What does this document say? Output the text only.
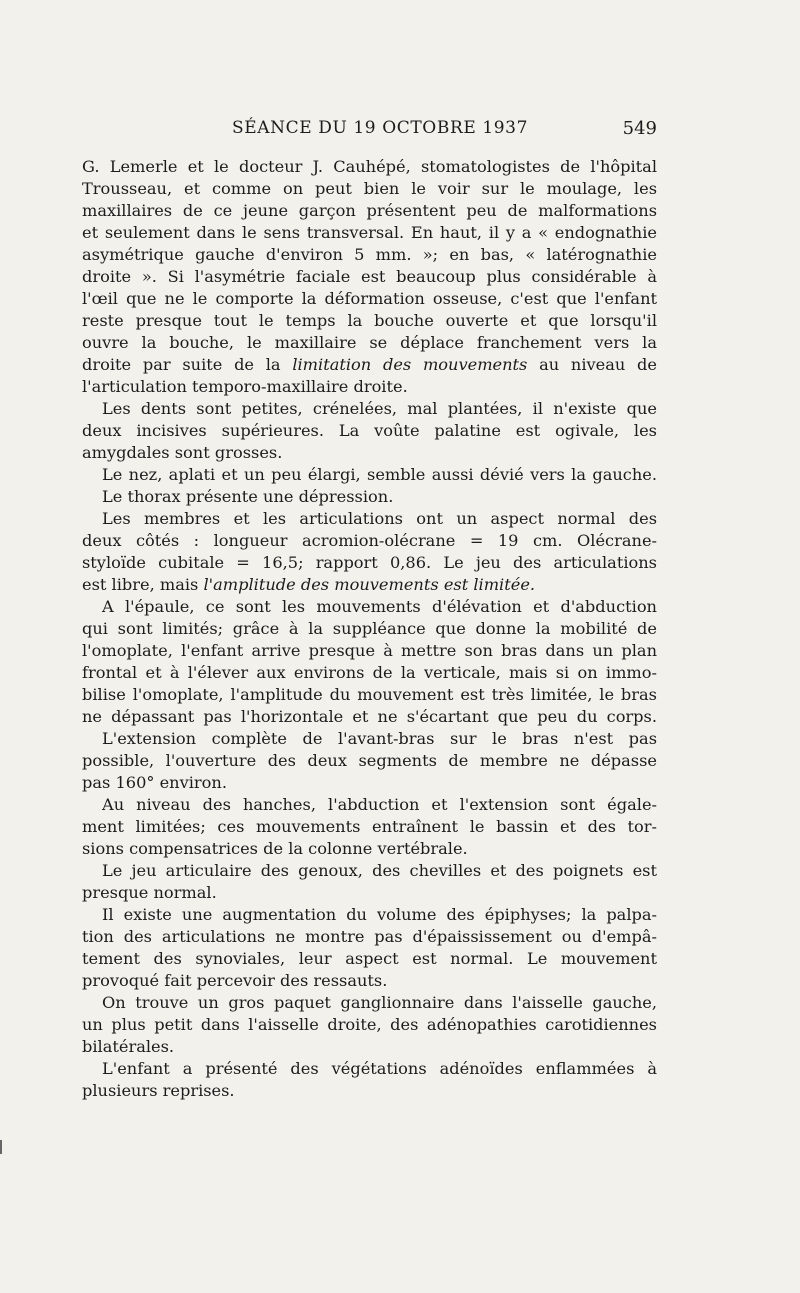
SÉANCE DU 19 OCTOBRE 1937	549
G. Lemerle et le docteur J. Cauhépé, stomatologistes de l'hôpital
Trousseau, et comme on peut bien le voir sur le moulage, les
maxillaires de ce jeune garçon présentent peu de malformations
et seulement dans le sens transversal. En haut, il y a « endognathie
asymétrique gauche d'environ 5 mm. »; en bas, « latérognathie
droite ». Si l'asymétrie faciale est beaucoup plus considérable à
l'œil que ne le comporte la déformation osseuse, c'est que l'enfant
reste presque tout le temps la bouche ouverte et que lorsqu'il
ouvre la bouche, le maxillaire se déplace franchement vers la
droite par suite de la limitation des mouvements au niveau de
l'articulation temporo-maxillaire droite.
Les dents sont petites, crénelées, mal plantées, il n'existe que
deux incisives supérieures. La voûte palatine est ogivale, les
amygdales sont grosses.
Le nez, aplati et un peu élargi, semble aussi dévié vers la gauche.
Le thorax présente une dépression.
Les membres et les articulations ont un aspect normal des
deux côtés : longueur acromion-olécrane = 19 cm. Olécrane-
styloïde cubitale = 16,5; rapport 0,86. Le jeu des articulations
est libre, mais l'amplitude des mouvements est limitée.
A l'épaule, ce sont les mouvements d'élévation et d'abduction
qui sont limités; grâce à la suppléance que donne la mobilité de
l'omoplate, l'enfant arrive presque à mettre son bras dans un plan
frontal et à l'élever aux environs de la verticale, mais si on immo-
bilise l'omoplate, l'amplitude du mouvement est très limitée, le bras
ne dépassant pas l'horizontale et ne s'écartant que peu du corps.
L'extension complète de l'avant-bras sur le bras n'est pas
possible, l'ouverture des deux segments de membre ne dépasse
pas 160° environ.
Au niveau des hanches, l'abduction et l'extension sont égale-
ment limitées; ces mouvements entraînent le bassin et des tor-
sions compensatrices de la colonne vertébrale.
Le jeu articulaire des genoux, des chevilles et des poignets est
presque normal.
Il existe une augmentation du volume des épiphyses; la palpa-
tion des articulations ne montre pas d'épaississement ou d'empâ-
tement des synoviales, leur aspect est normal. Le mouvement
provoqué fait percevoir des ressauts.
On trouve un gros paquet ganglionnaire dans l'aisselle gauche,
un plus petit dans l'aisselle droite, des adénopathies carotidiennes
bilatérales.
L'enfant a présenté des végétations adénoïdes enflammées à
plusieurs reprises.
